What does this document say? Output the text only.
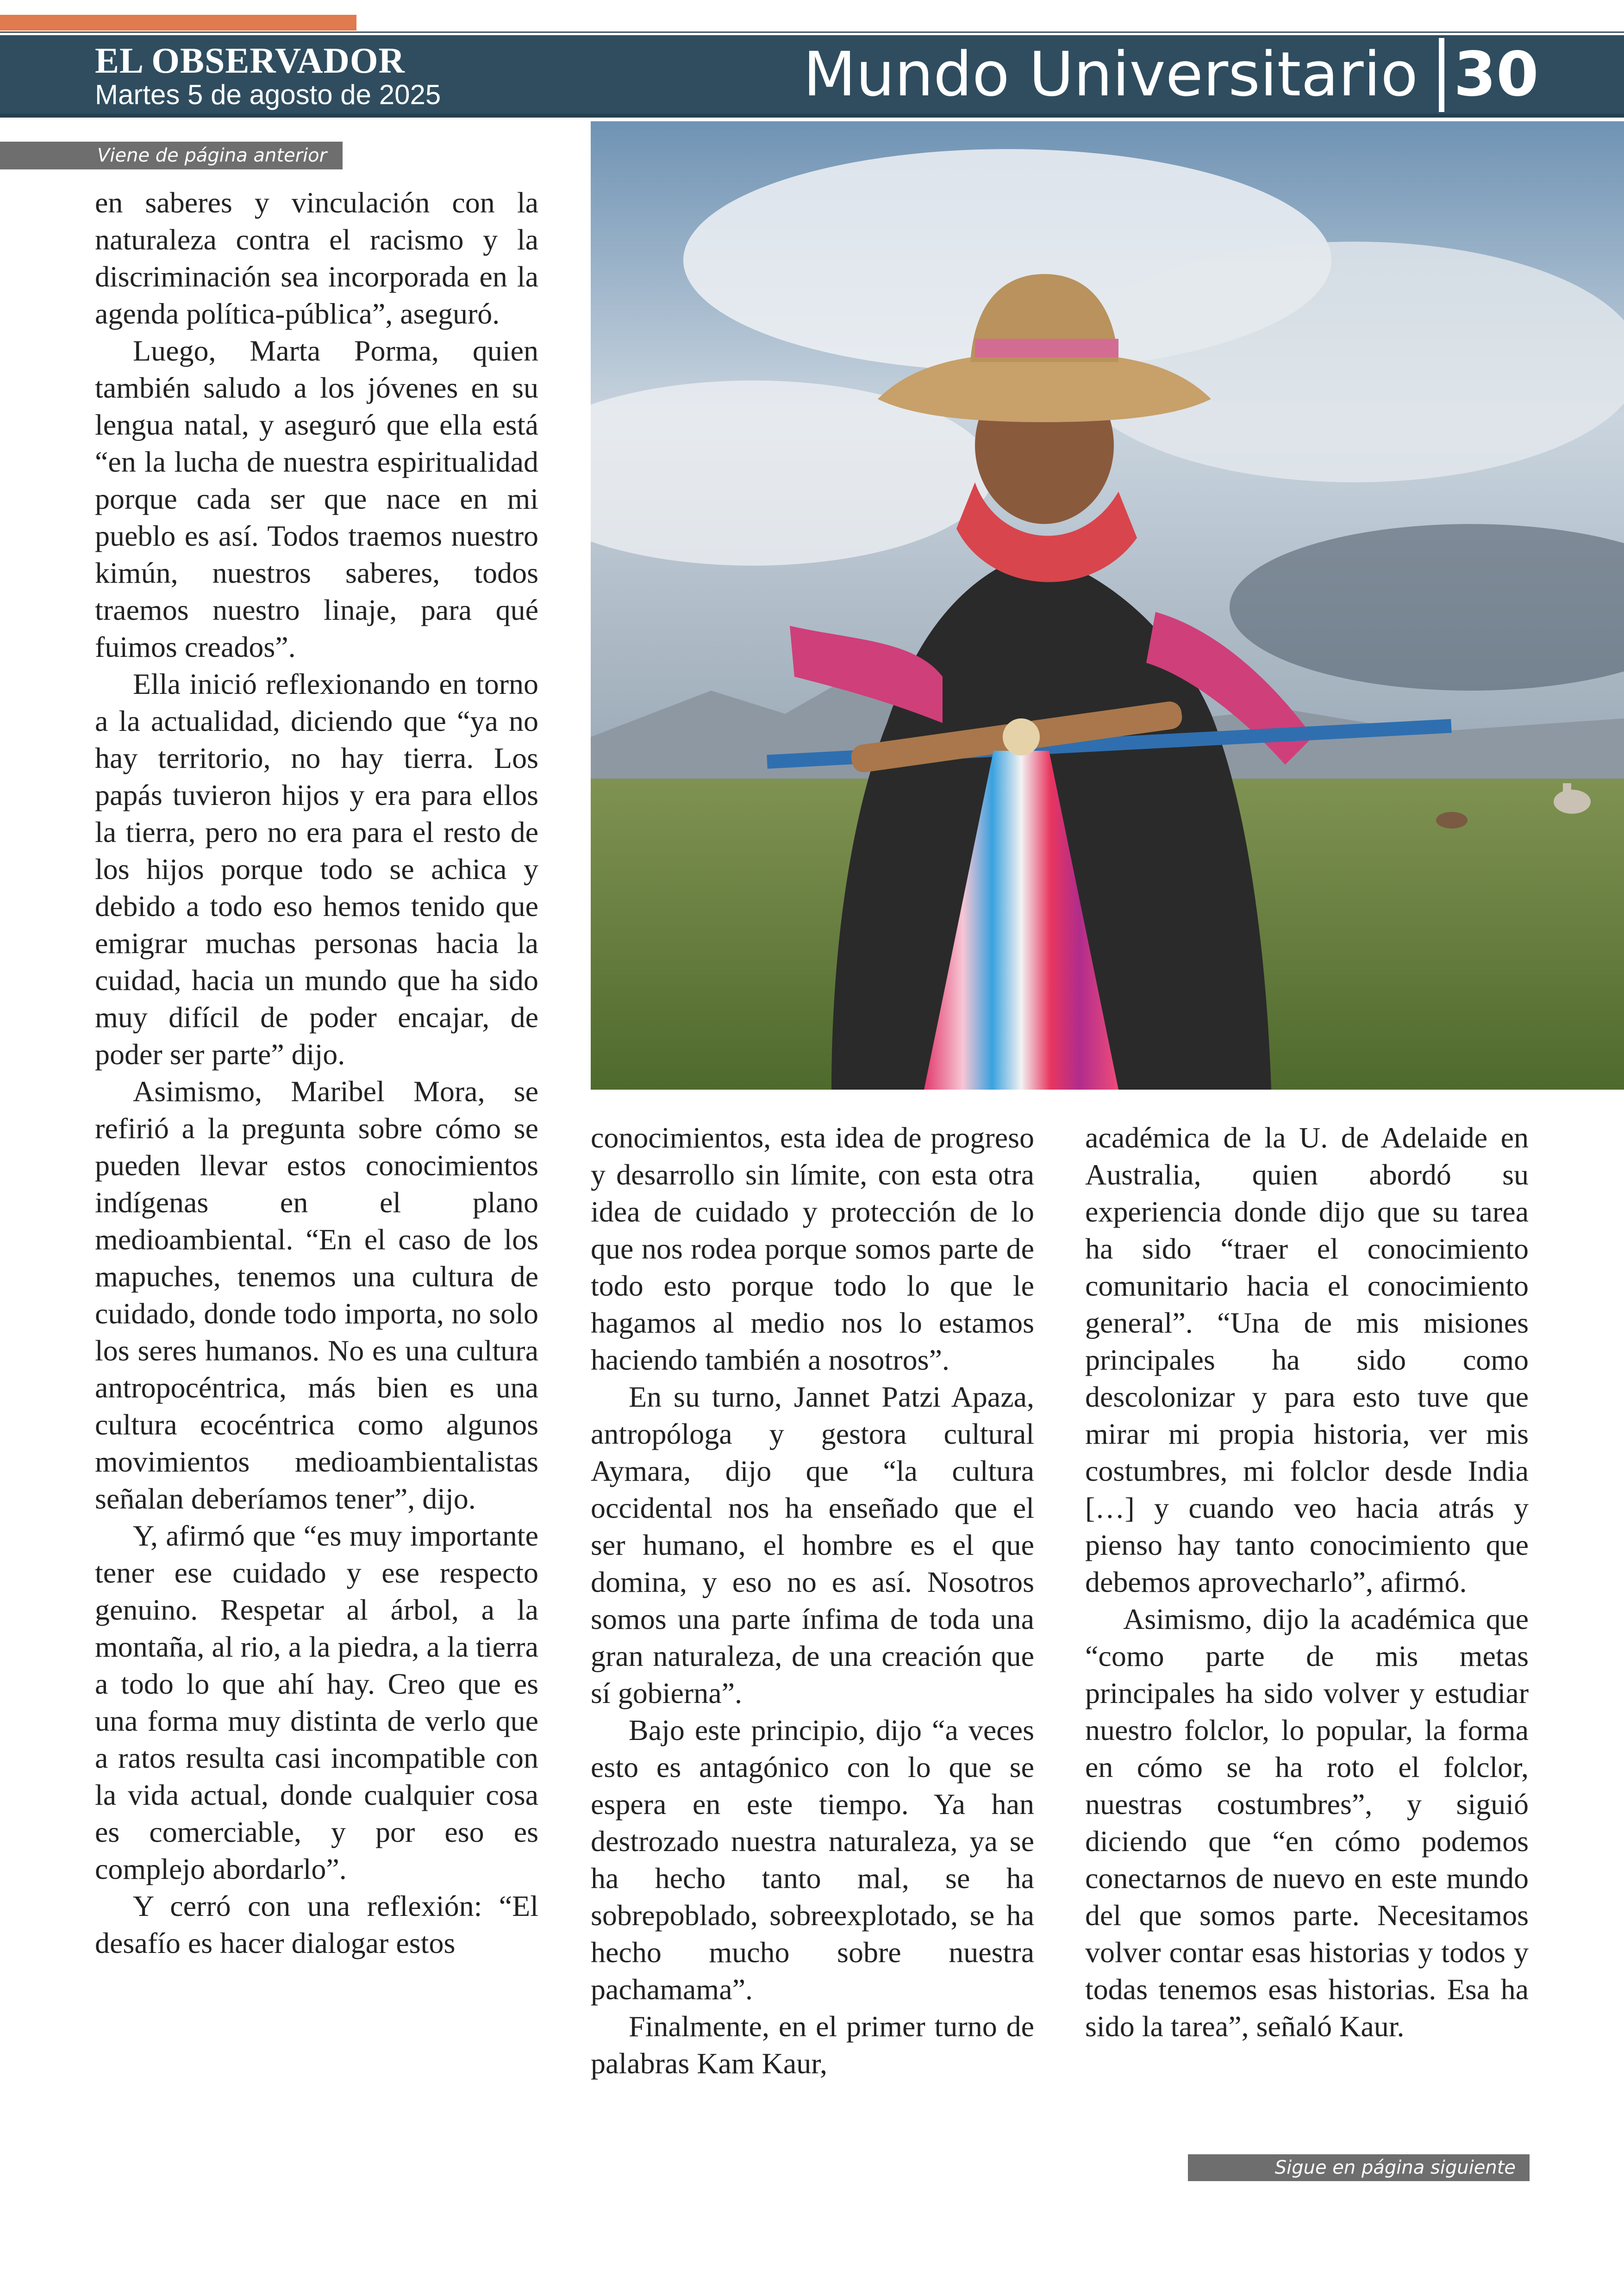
EL OBSERVADOR
Martes 5 de agosto de 2025	Mundo Universitario 30
Viene de página anterior

en saberes y vinculación con la naturaleza contra el racismo y la discriminación sea incorporada en la agenda política-pública”, aseguró.

Luego, Marta Porma, quien también saludo a los jóvenes en su lengua natal, y aseguró que ella está “en la lucha de nuestra espiritualidad porque cada ser que nace en mi pueblo es así. Todos traemos nuestro kimún, nuestros saberes, todos traemos nuestro linaje, para qué fuimos creados”.

Ella inició reflexionando en torno a la actualidad, diciendo que “ya no hay territorio, no hay tierra. Los papás tuvieron hijos y era para ellos la tierra, pero no era para el resto de los hijos porque todo se achica y debido a todo eso hemos tenido que emigrar muchas personas hacia la cuidad, hacia un mundo que ha sido muy difícil de poder encajar, de poder ser parte” dijo.

Asimismo, Maribel Mora, se refirió a la pregunta sobre cómo se pueden llevar estos conocimientos indígenas en el plano medioambiental. “En el caso de los mapuches, tenemos una cultura de cuidado, donde todo importa, no solo los seres humanos. No es una cultura antropocéntrica, más bien es una cultura ecocéntrica como algunos movimientos medioambientalistas señalan deberíamos tener”, dijo.

Y, afirmó que “es muy importante tener ese cuidado y ese respecto genuino. Respetar al árbol, a la montaña, al rio, a la piedra, a la tierra a todo lo que ahí hay. Creo que es una forma muy distinta de verlo que a ratos resulta casi incompatible con la vida actual, donde cualquier cosa es comerciable, y por eso es complejo abordarlo”.

Y cerró con una reflexión: “El desafío es hacer dialogar estos

conocimientos, esta idea de progreso y desarrollo sin límite, con esta otra idea de cuidado y protección de lo que nos rodea porque somos parte de todo esto porque todo lo que le hagamos al medio nos lo estamos haciendo también a nosotros”.

En su turno, Jannet Patzi Apaza, antropóloga y gestora cultural Aymara, dijo que “la cultura occidental nos ha enseñado que el ser humano, el hombre es el que domina, y eso no es así. Nosotros somos una parte ínfima de toda una gran naturaleza, de una creación que sí gobierna”.

Bajo este principio, dijo “a veces esto es antagónico con lo que se espera en este tiempo. Ya han destrozado nuestra naturaleza, ya se ha hecho tanto mal, se ha sobrepoblado, sobreexplotado, se ha hecho mucho sobre nuestra pachamama”.

Finalmente, en el primer turno de palabras Kam Kaur,

académica de la U. de Adelaide en Australia, quien abordó su experiencia donde dijo que su tarea ha sido “traer el conocimiento comunitario hacia el conocimiento general”. “Una de mis misiones principales ha sido como descolonizar y para esto tuve que mirar mi propia historia, ver mis costumbres, mi folclor desde India […] y cuando veo hacia atrás y pienso hay tanto conocimiento que debemos aprovecharlo”, afirmó.

Asimismo, dijo la académica que “como parte de mis metas principales ha sido volver y estudiar nuestro folclor, lo popular, la forma en cómo se ha roto el folclor, nuestras costumbres”, y siguió diciendo que “en cómo podemos conectarnos de nuevo en este mundo del que somos parte. Necesitamos volver contar esas historias y todos y todas tenemos esas historias. Esa ha sido la tarea”, señaló Kaur.

Sigue en página siguiente
